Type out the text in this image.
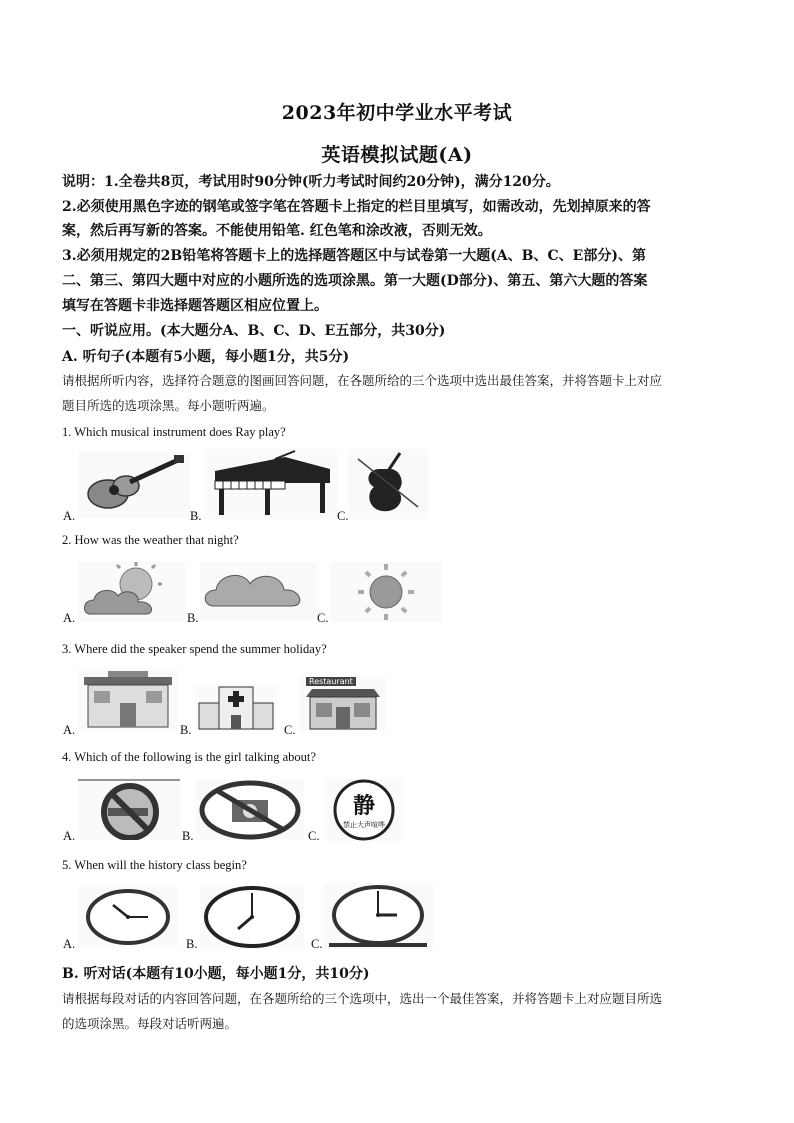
2023年初中学业水平考试
英语模拟试题(A)
说明：1.全卷共8页，考试用时90分钟(听力考试时间约20分钟)，满分120分。
2.必须使用黑色字迹的钢笔或签字笔在答题卡上指定的栏目里填写，如需改动，先划掉原来的答
案，然后再写新的答案。不能使用铅笔. 红色笔和涂改液，否则无效。
3.必须用规定的2B铅笔将答题卡上的选择题答题区中与试卷第一大题(A、B、C、E部分)、第
二、第三、第四大题中对应的小题所选的选项涂黑。第一大题(D部分)、第五、第六大题的答案
填写在答题卡非选择题答题区相应位置上。
一、听说应用。(本大题分A、B、C、D、E五部分，共30分)
A. 听句子(本题有5小题，每小题1分，共5分)
请根据所听内容，选择符合题意的图画回答问题，在各题所给的三个选项中选出最佳答案，并将答题卡上对应
题目所选的选项涂黑。每小题听两遍。
1. Which musical instrument does Ray play?
A.	B.	C.
2. How was the weather that night?
A.	B.	C.
3. Where did the speaker spend the summer holiday?
A.	B.
Restaurant
C.
4. Which of the following is the girl talking about?
A.	B.
静
禁止大声喧哗
C.
5. When will the history class begin?
A.	B.	C.
B. 听对话(本题有10小题，每小题1分，共10分)
请根据每段对话的内容回答问题，在各题所给的三个选项中，选出一个最佳答案，并将答题卡上对应题目所选
的选项涂黑。每段对话听两遍。
